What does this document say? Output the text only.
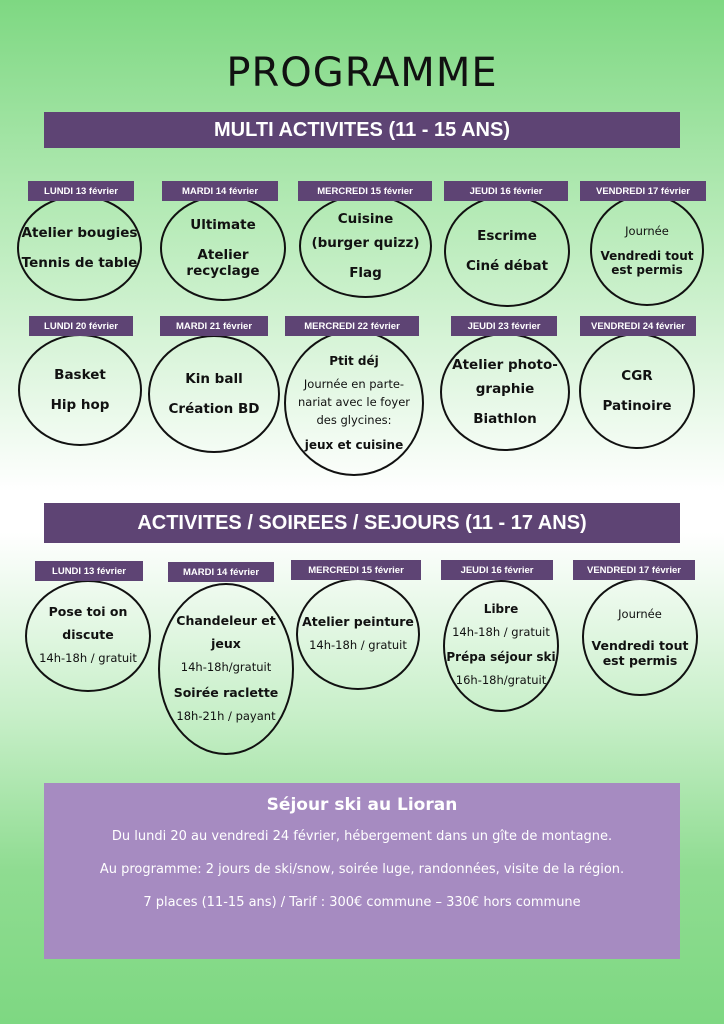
PROGRAMME
MULTI ACTIVITES (11 - 15 ANS)
LUNDI 13 février
Atelier bougies
Tennis de table
MARDI 14 février
Ultimate
Atelier recyclage
MERCREDI 15 février
Cuisine
(burger quizz)
Flag
JEUDI 16 février
Escrime
Ciné débat
VENDREDI 17 février
Journée
Vendredi tout
est permis
LUNDI 20 février
Basket
Hip hop
MARDI 21 février
Kin ball
Création BD
MERCREDI 22 février
Ptit déj
Journée en parte-
nariat avec le foyer
des glycines:
jeux et cuisine
JEUDI 23 février
Atelier photo-
graphie
Biathlon
VENDREDI 24 février
CGR
Patinoire
ACTIVITES / SOIREES / SEJOURS (11 - 17 ANS)
LUNDI 13 février
Pose toi on
discute
14h-18h / gratuit
MARDI 14 février
Chandeleur et
jeux
14h-18h/gratuit
Soirée raclette
18h-21h / payant
MERCREDI 15 février
Atelier peinture
14h-18h / gratuit
JEUDI 16 février
Libre
14h-18h / gratuit
Prépa séjour ski
16h-18h/gratuit
VENDREDI 17 février
Journée
Vendredi tout
est permis
Séjour ski au Lioran
Du lundi 20 au vendredi 24 février, hébergement dans un gîte de montagne.
Au programme: 2 jours de ski/snow, soirée luge, randonnées, visite de la région.
7 places (11-15 ans) / Tarif : 300€ commune – 330€ hors commune
